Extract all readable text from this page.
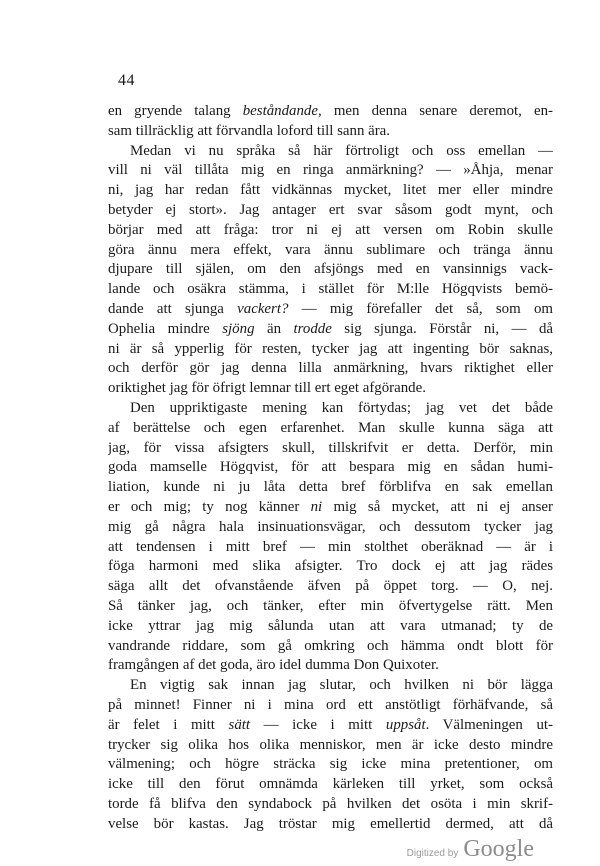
44
en gryende talang beståndande, men denna senare deremot, en-
sam tillräcklig att förvandla loford till sann ära.
Medan vi nu språka så här förtroligt och oss emellan —
vill ni väl tillåta mig en ringa anmärkning? — »Åhja, menar
ni, jag har redan fått vidkännas mycket, litet mer eller mindre
betyder ej stort». Jag antager ert svar såsom godt mynt, och
börjar med att fråga: tror ni ej att versen om Robin skulle
göra ännu mera effekt, vara ännu sublimare och tränga ännu
djupare till själen, om den afsjöngs med en vansinnigs vack-
lande och osäkra stämma, i stället för M:lle Högqvists bemö-
dande att sjunga vackert? — mig förefaller det så, som om
Ophelia mindre sjöng än trodde sig sjunga. Förstår ni, — då
ni är så ypperlig för resten, tycker jag att ingenting bör saknas,
och derför gör jag denna lilla anmärkning, hvars riktighet eller
oriktighet jag för öfrigt lemnar till ert eget afgörande.
Den uppriktigaste mening kan förtydas; jag vet det både
af berättelse och egen erfarenhet. Man skulle kunna säga att
jag, för vissa afsigters skull, tillskrifvit er detta. Derför, min
goda mamselle Högqvist, för att bespara mig en sådan humi-
liation, kunde ni ju låta detta bref förblifva en sak emellan
er och mig; ty nog känner ni mig så mycket, att ni ej anser
mig gå några hala insinuationsvägar, och dessutom tycker jag
att tendensen i mitt bref — min stolthet oberäknad — är i
föga harmoni med slika afsigter. Tro dock ej att jag rädes
säga allt det ofvanstående äfven på öppet torg. — O, nej.
Så tänker jag, och tänker, efter min öfvertygelse rätt. Men
icke yttrar jag mig sålunda utan att vara utmanad; ty de
vandrande riddare, som gå omkring och hämma ondt blott för
framgången af det goda, äro idel dumma Don Quixoter.
En vigtig sak innan jag slutar, och hvilken ni bör lägga
på minnet! Finner ni i mina ord ett anstötligt förhäfvande, så
är felet i mitt sätt — icke i mitt uppsåt. Välmeningen ut-
trycker sig olika hos olika menniskor, men är icke desto mindre
välmening; och högre sträcka sig icke mina pretentioner, om
icke till den förut omnämda kärleken till yrket, som också
torde få blifva den syndabock på hvilken det osöta i min skrif-
velse bör kastas. Jag tröstar mig emellertid dermed, att då
Digitized by Google
